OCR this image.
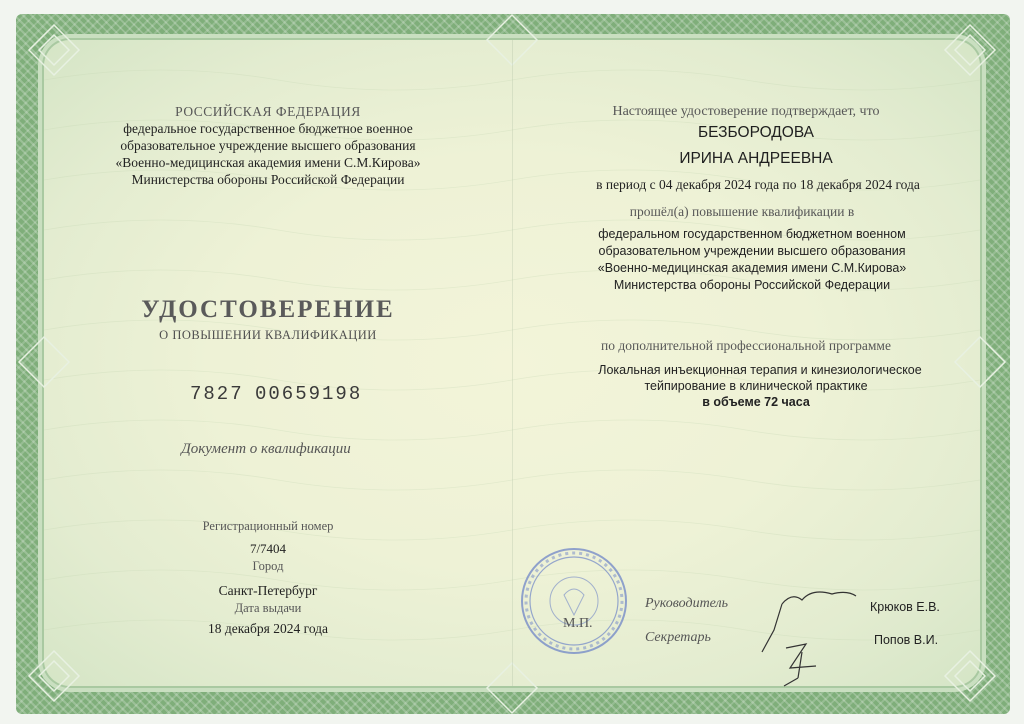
РОССИЙСКАЯ ФЕДЕРАЦИЯ
федеральное государственное бюджетное военное
образовательное учреждение высшего образования
«Военно-медицинская академия имени С.М.Кирова»
Министерства обороны Российской Федерации
УДОСТОВЕРЕНИЕ
О ПОВЫШЕНИИ КВАЛИФИКАЦИИ
7827 00659198
Документ о квалификации
Регистрационный номер
7/7404
Город
Санкт-Петербург
Дата выдачи
18 декабря 2024 года
Настоящее удостоверение подтверждает, что
БЕЗБОРОДОВА
ИРИНА АНДРЕЕВНА
в период с 04 декабря 2024 года по 18 декабря 2024 года
прошёл(а) повышение квалификации в
федеральном государственном бюджетном военном
образовательном учреждении высшего образования
«Военно-медицинская академия имени С.М.Кирова»
Министерства обороны Российской Федерации
по дополнительной профессиональной программе
Локальная инъекционная терапия и кинезиологическое
тейпирование в клинической практике
в объеме 72 часа
М.П.
Руководитель
Секретарь
Крюков Е.В.
Попов В.И.
